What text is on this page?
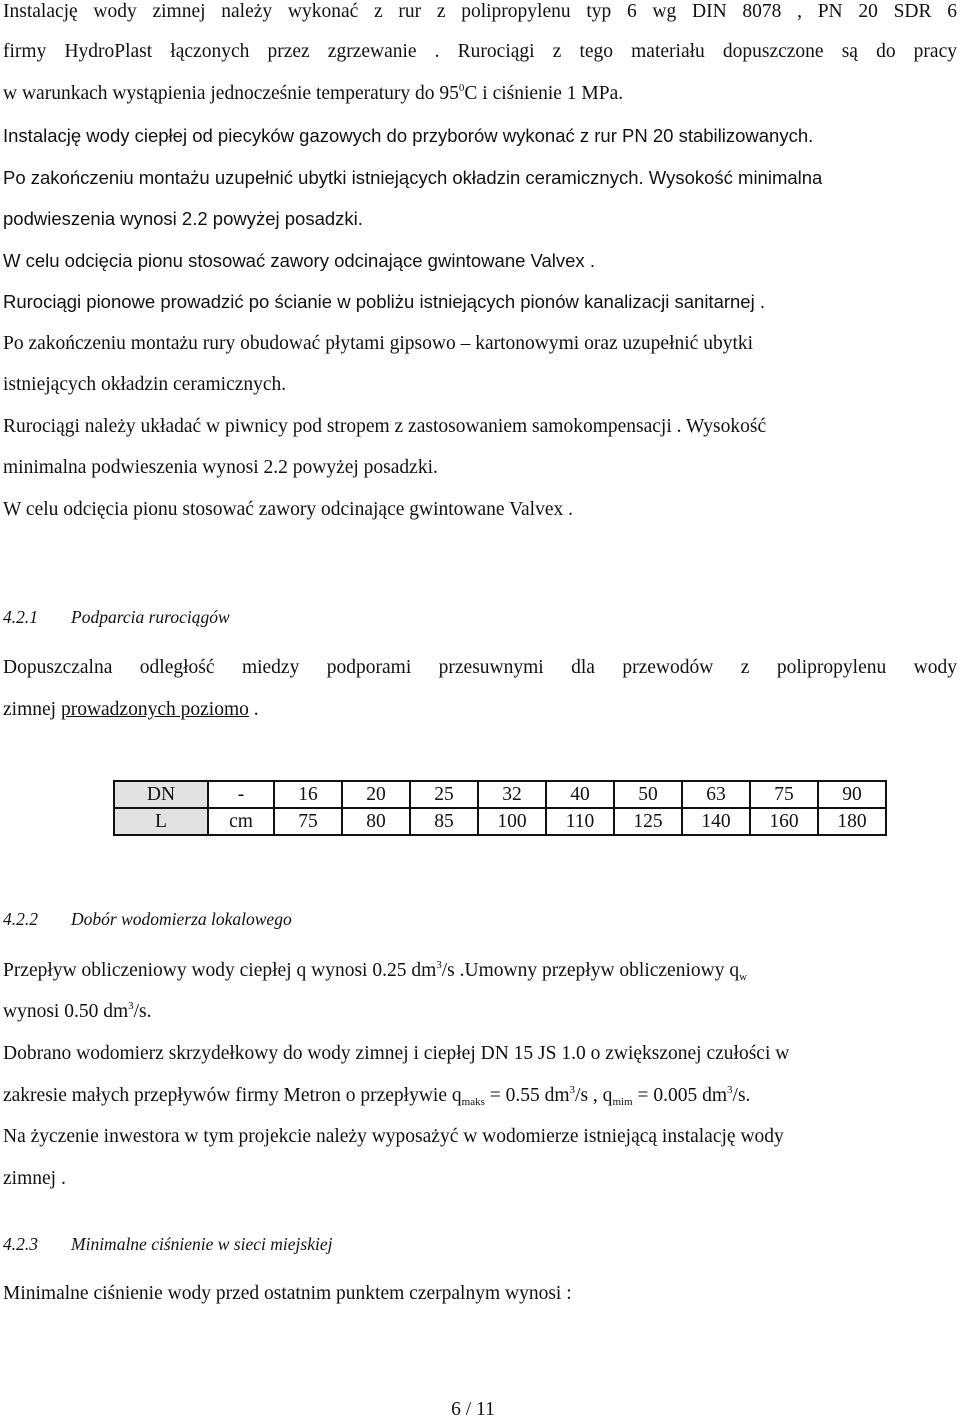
Instalację wody zimnej należy wykonać z rur z polipropylenu typ 6 wg DIN 8078 , PN 20 SDR 6
firmy HydroPlast łączonych przez zgrzewanie . Rurociągi z tego materiału dopuszczone są do pracy
w warunkach wystąpienia jednocześnie temperatury do $95^0C$ i ciśnienie 1 MPa.
Instalację wody ciepłej od piecyków gazowych do przyborów wykonać z rur PN 20 stabilizowanych.
Po zakończeniu montażu uzupełnić ubytki istniejących okładzin ceramicznych. Wysokość minimalna
podwieszenia wynosi 2.2 powyżej posadzki.
W celu odcięcia pionu stosować zawory odcinające gwintowane Valvex .
Rurociągi pionowe prowadzić po ścianie w pobliżu istniejących pionów kanalizacji sanitarnej .
Po zakończeniu montażu rury obudować płytami gipsowo – kartonowymi oraz uzupełnić ubytki
istniejących okładzin ceramicznych.
Rurociągi należy układać w piwnicy pod stropem z zastosowaniem samokompensacji . Wysokość
minimalna podwieszenia wynosi 2.2 powyżej posadzki.
W celu odcięcia pionu stosować zawory odcinające gwintowane Valvex .
4.2.1 Podparcia rurociągów
Dopuszczalna odległość miedzy podporami przesuwnymi dla przewodów z polipropylenu wody
zimnej prowadzonych poziomo .
DN	-	16	20	25	32	40	50	63	75	90
L	cm	75	80	85	100	110	125	140	160	180
4.2.2 Dobór wodomierza lokalowego
Przepływ obliczeniowy wody ciepłej q wynosi 0.25 $dm^3/s$ .Umowny przepływ obliczeniowy $q_w$
wynosi 0.50 $dm^3/s$.
Dobrano wodomierz skrzydełkowy do wody zimnej i ciepłej DN 15 JS 1.0 o zwiększonej czułości w
zakresie małych przepływów firmy Metron o przepływie $q_{maks} = 0.55$ $dm^3/s$ , $q_{mim} = 0.005$ $dm^3/s$.
Na życzenie inwestora w tym projekcie należy wyposażyć w wodomierze istniejącą instalację wody
zimnej .
4.2.3 Minimalne ciśnienie w sieci miejskiej
Minimalne ciśnienie wody przed ostatnim punktem czerpalnym wynosi :
6 / 11
